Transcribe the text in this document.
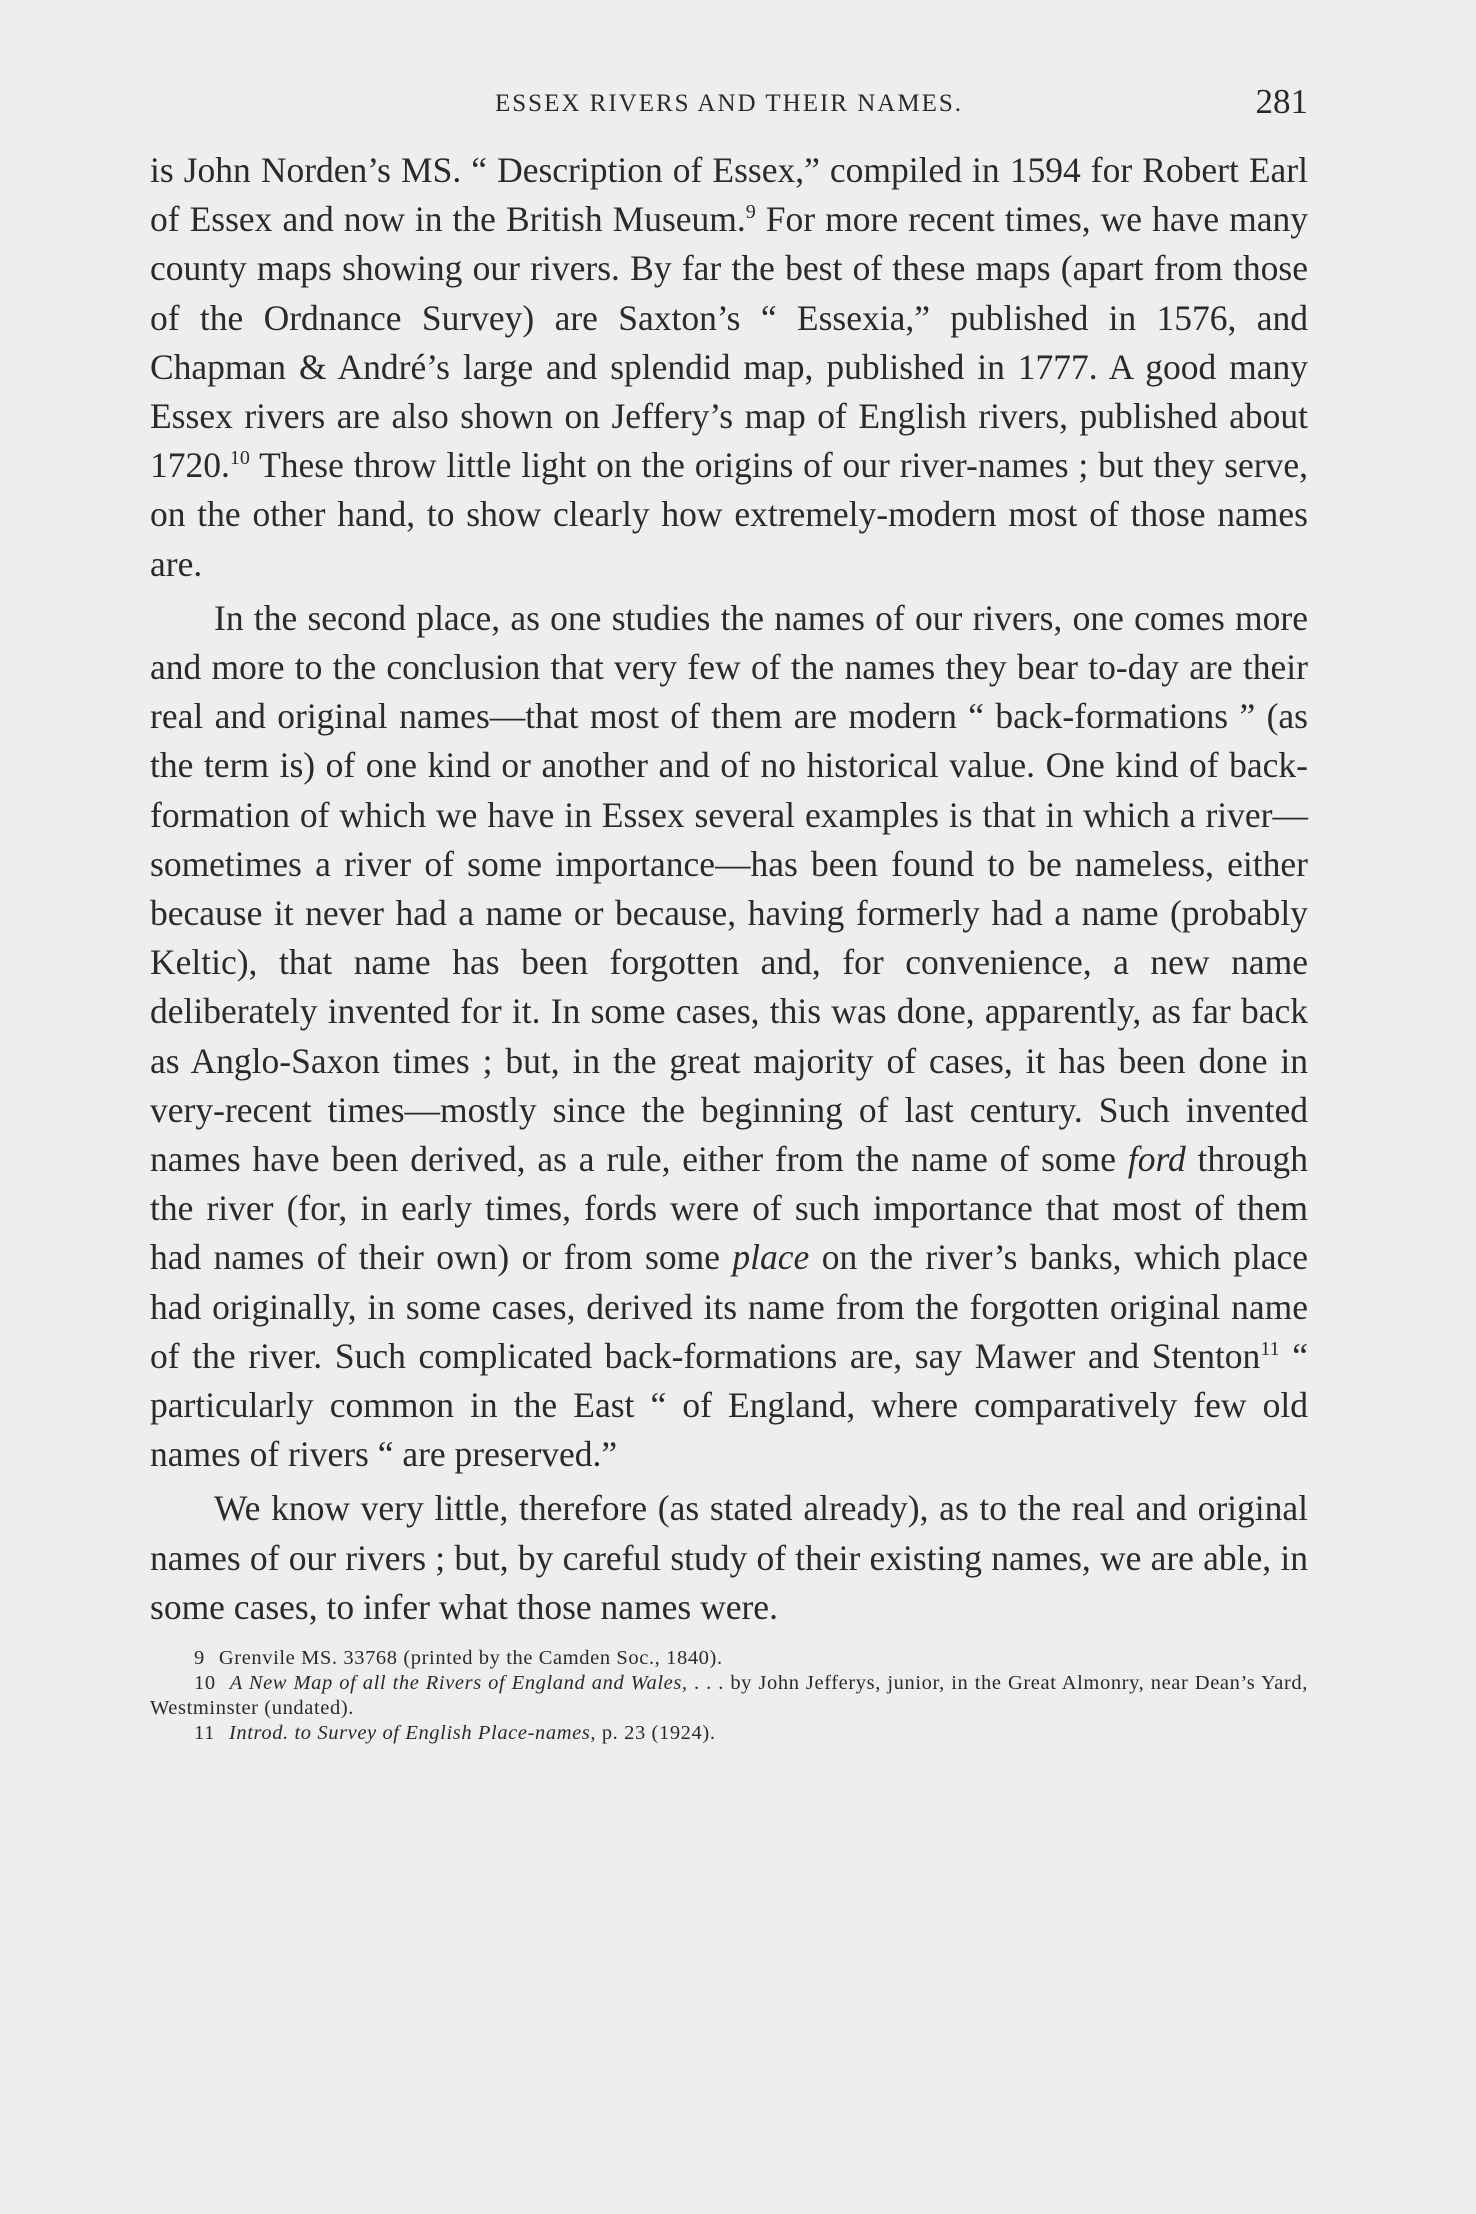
ESSEX RIVERS AND THEIR NAMES.	281

is John Norden’s MS. “ Description of Essex,” compiled in 1594 for Robert Earl of Essex and now in the British Museum.$^9$ For more recent times, we have many county maps showing our rivers. By far the best of these maps (apart from those of the Ordnance Survey) are Saxton’s “ Essexia,” published in 1576, and Chapman & André’s large and splendid map, published in 1777. A good many Essex rivers are also shown on Jeffery’s map of English rivers, published about 1720.10 These throw little light on the origins of our river-names ; but they serve, on the other hand, to show clearly how extremely-modern most of those names are.

In the second place, as one studies the names of our rivers, one comes more and more to the conclusion that very few of the names they bear to-day are their real and original names—that most of them are modern “ back-formations ” (as the term is) of one kind or another and of no historical value. One kind of back-formation of which we have in Essex several examples is that in which a river—sometimes a river of some importance—has been found to be nameless, either because it never had a name or because, having formerly had a name (probably Keltic), that name has been forgotten and, for convenience, a new name deliberately invented for it. In some cases, this was done, apparently, as far back as Anglo-Saxon times ; but, in the great majority of cases, it has been done in very-recent times—mostly since the beginning of last century. Such invented names have been derived, as a rule, either from the name of some ford through the river (for, in early times, fords were of such importance that most of them had names of their own) or from some place on the river’s banks, which place had originally, in some cases, derived its name from the forgotten original name of the river. Such complicated back-formations are, say Mawer and Stenton$^{11}$ “ particularly common in the East “ of England, where comparatively few old names of rivers “ are preserved.”

We know very little, therefore (as stated already), as to the real and original names of our rivers ; but, by careful study of their existing names, we are able, in some cases, to infer what those names were.

9 Grenvile MS. 33768 (printed by the Camden Soc., 1840).

10 A New Map of all the Rivers of England and Wales, . . . by John Jefferys, junior, in the Great Almonry, near Dean’s Yard, Westminster (undated).

11 Introd. to Survey of English Place-names, p. 23 (1924).
